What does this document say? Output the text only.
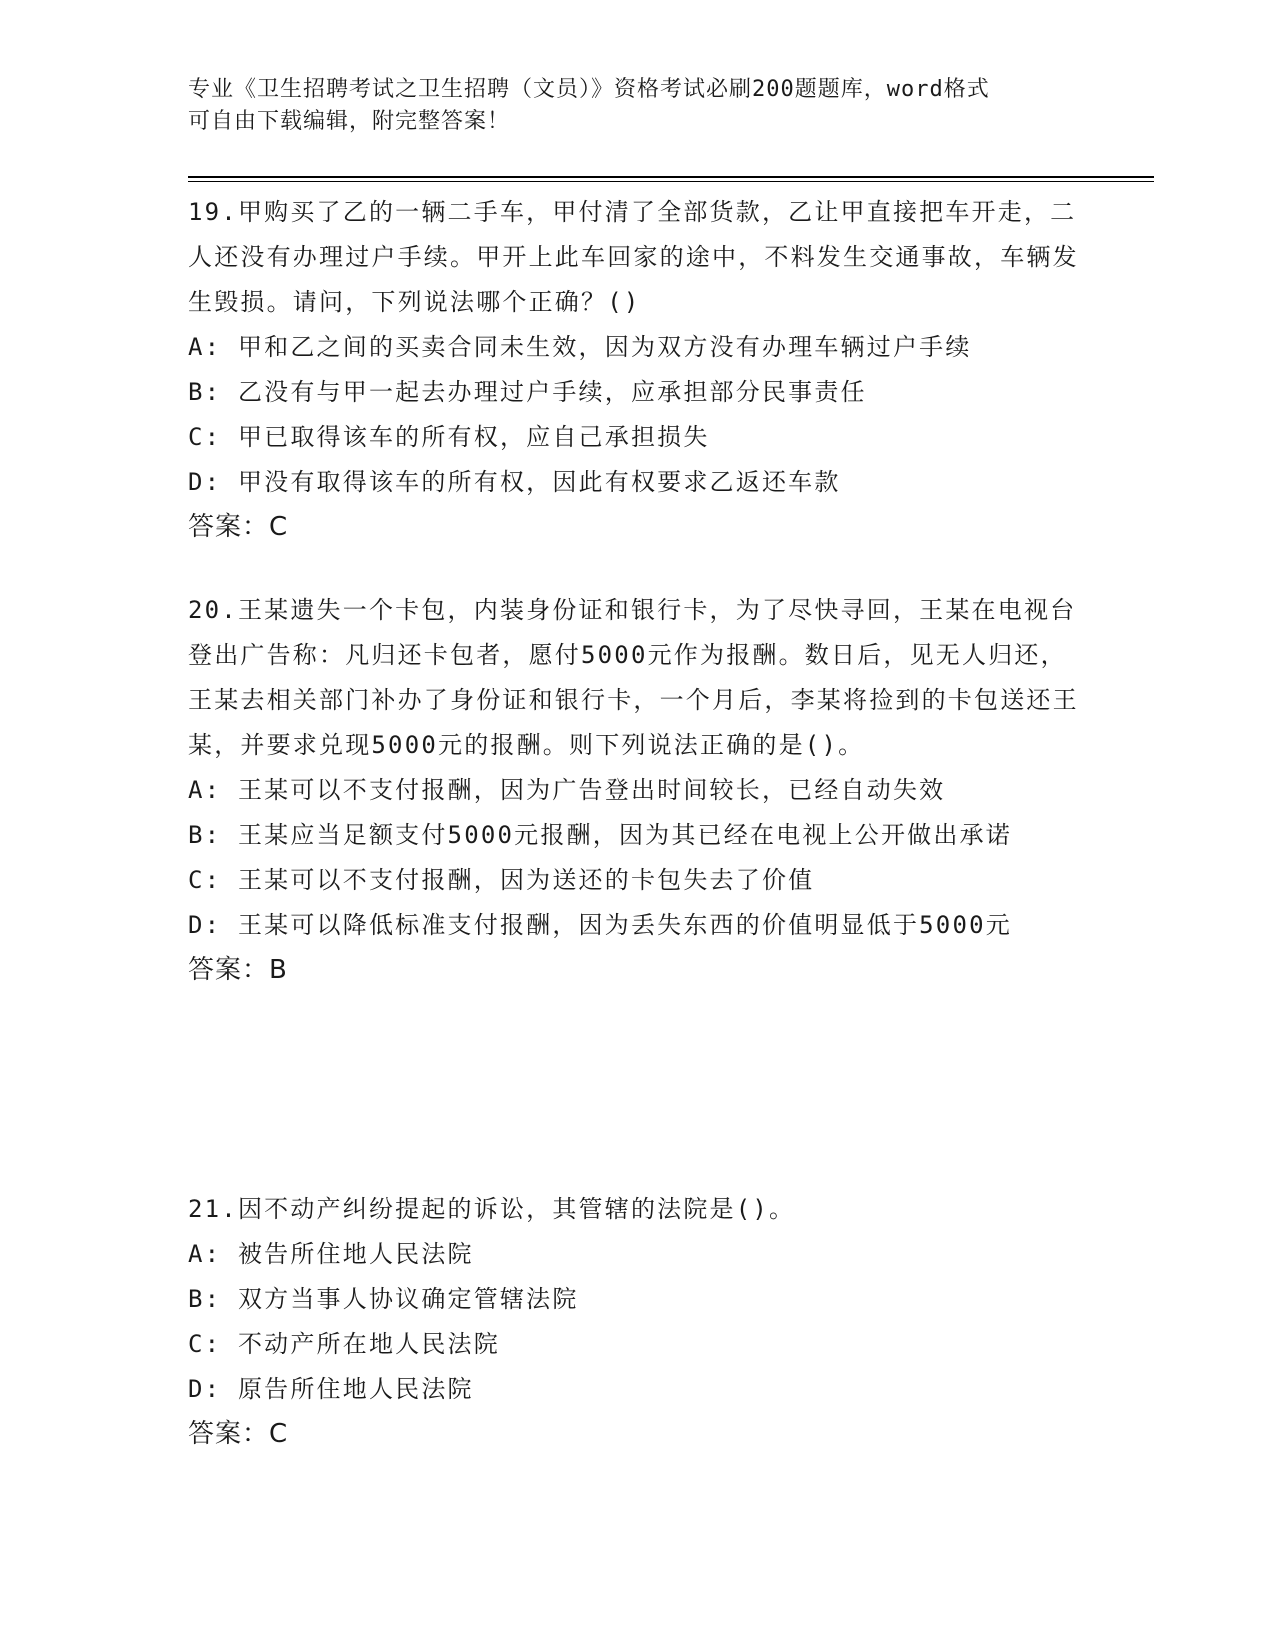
专业《卫生招聘考试之卫生招聘（文员）》资格考试必刷200题题库，word格式
可自由下载编辑，附完整答案！
19.甲购买了乙的一辆二手车，甲付清了全部货款，乙让甲直接把车开走，二人还没有办理过户手续。甲开上此车回家的途中，不料发生交通事故，车辆发生毁损。请问，下列说法哪个正确？()
A: 甲和乙之间的买卖合同未生效，因为双方没有办理车辆过户手续
B: 乙没有与甲一起去办理过户手续，应承担部分民事责任
C: 甲已取得该车的所有权，应自己承担损失
D: 甲没有取得该车的所有权，因此有权要求乙返还车款
答案：C
20.王某遗失一个卡包，内装身份证和银行卡，为了尽快寻回，王某在电视台登出广告称：凡归还卡包者，愿付5000元作为报酬。数日后，见无人归还，王某去相关部门补办了身份证和银行卡，一个月后，李某将捡到的卡包送还王某，并要求兑现5000元的报酬。则下列说法正确的是()。
A: 王某可以不支付报酬，因为广告登出时间较长，已经自动失效
B: 王某应当足额支付5000元报酬，因为其已经在电视上公开做出承诺
C: 王某可以不支付报酬，因为送还的卡包失去了价值
D: 王某可以降低标准支付报酬，因为丢失东西的价值明显低于5000元
答案：B
21.因不动产纠纷提起的诉讼，其管辖的法院是()。
A: 被告所住地人民法院
B: 双方当事人协议确定管辖法院
C: 不动产所在地人民法院
D: 原告所住地人民法院
答案：C
